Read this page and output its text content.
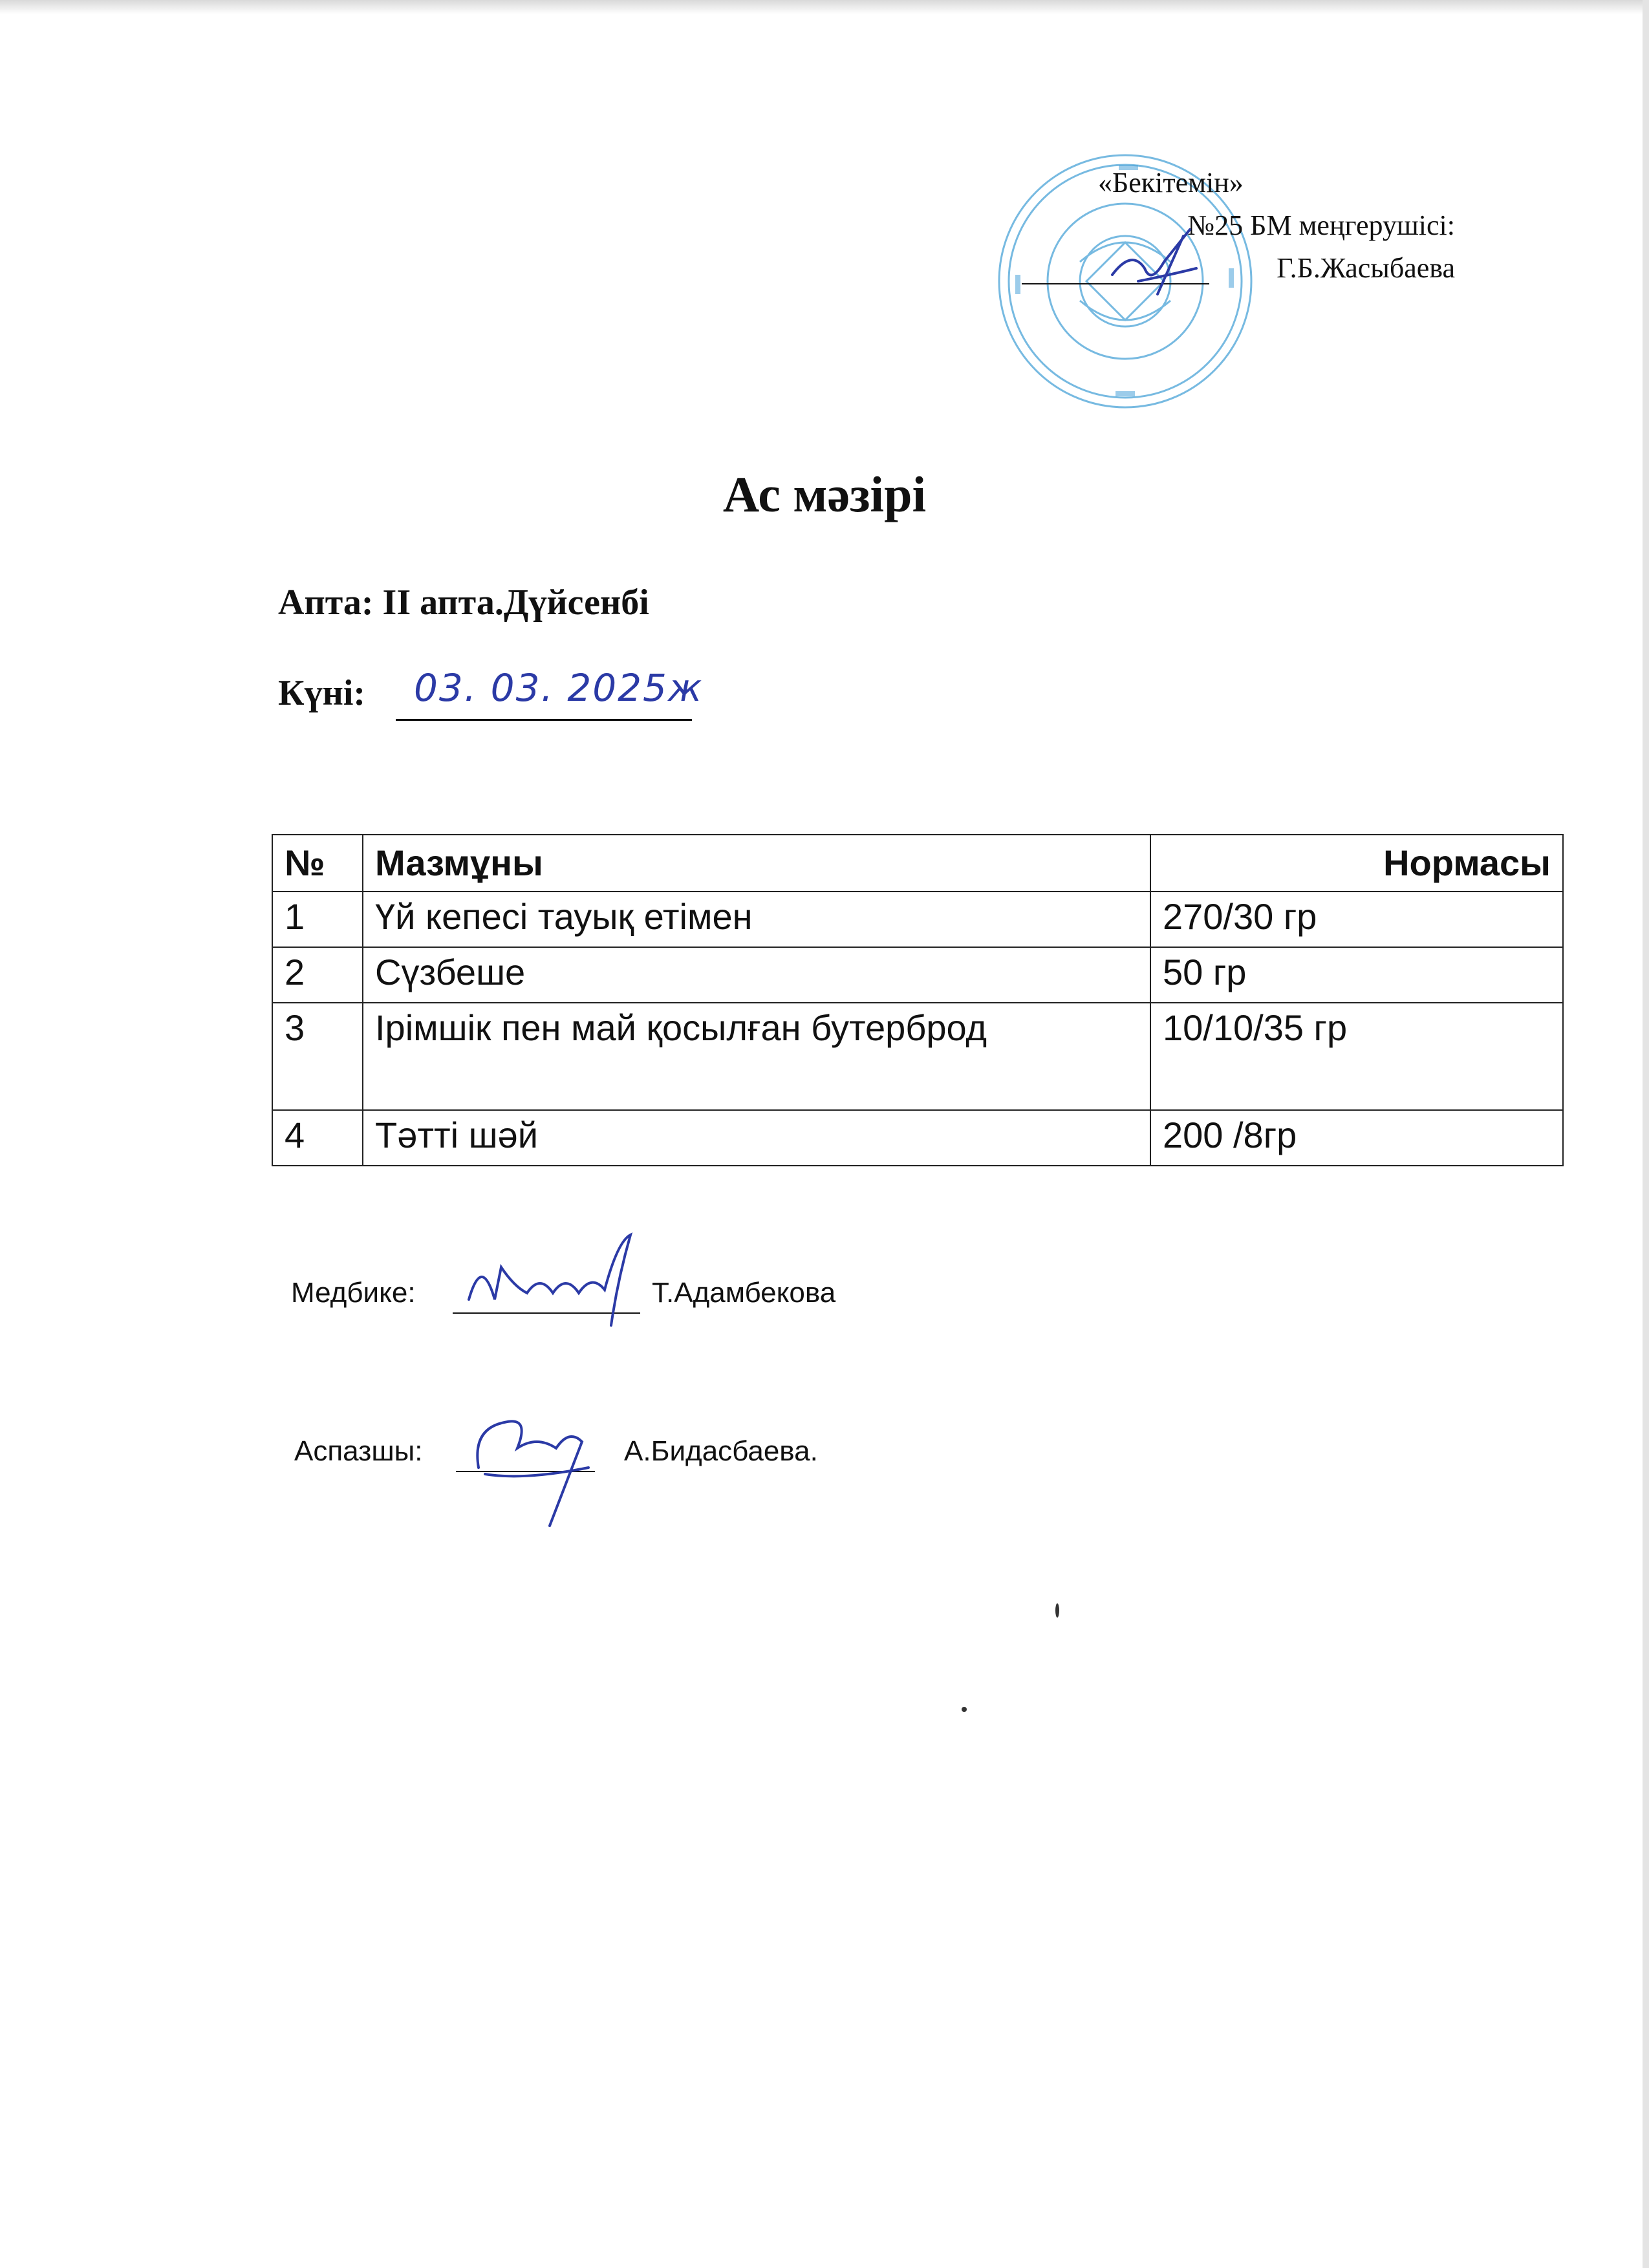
«Бекітемін»
№25 БМ меңгерушісі:
Г.Б.Жасыбаева
Ас мәзірі
Апта: II апта.Дүйсенбі
Күні: 03. 03. 2025ж
№	Мазмұны	Нормасы
1	Үй кепесі тауық етімен	270/30 гр
2	Сүзбеше	50 гр
3	Ірімшік пен май қосылған бутерброд	10/10/35 гр
4	Тәтті шәй	200 /8гр
Медбике:	Т.Адамбекова
Аспазшы:	А.Бидасбаева.
